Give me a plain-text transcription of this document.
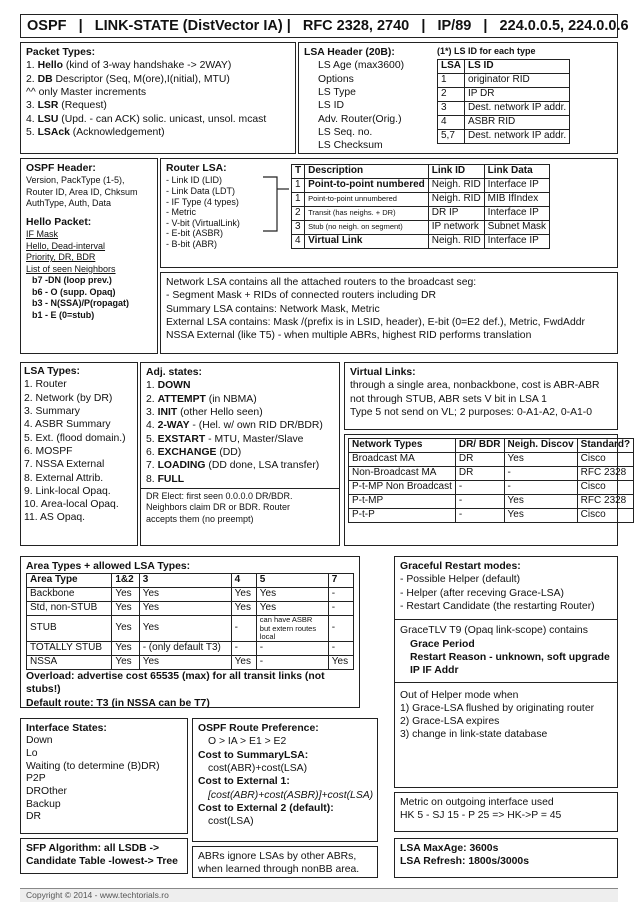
OSPF   |   LINK-STATE (DistVector IA) |   RFC 2328, 2740   |   IP/89   |   224.0.0.5, 224.0.0.6
Packet Types:
1. Hello (kind of 3-way handshake -> 2WAY)
2. DB Descriptor (Seq, M(ore),I(nitial), MTU)
^^ only Master increments
3. LSR (Request)
4. LSU (Upd. - can ACK) solic. unicast, unsol. mcast
5. LSAck (Acknowledgement)
LSA Header (20B):
LS Age (max3600)
Options
LS Type
LS ID
Adv. Router(Orig.)
LS Seq. no.
LS Checksum
(1*) LS ID for each type
LSA	LS ID
1	originator RID
2	IP DR
3	Dest. network IP addr.
4	ASBR RID
5,7	Dest. network IP addr.
OSPF Header:
Version, PackType (1-5),
Router ID, Area ID, Chksum
AuthType, Auth, Data
Hello Packet:
IF Mask
Hello, Dead-interval
Priority, DR, BDR
List of seen Neighbors
b7 -DN (loop prev.)
b6 - O (supp. Opaq)
b3 - N(SSA)/P(ropagat)
b1 - E (0=stub)
Router LSA:
- Link ID (LID)
- Link Data (LDT)
- IF Type (4 types)
- Metric
- V-bit (VirtualLink)
- E-bit (ASBR)
- B-bit (ABR)
T	Description	Link ID	Link Data
1	Point-to-point numbered	Neigh. RID	Interface IP
1	Point-to-point unnumbered	Neigh. RID	MIB IfIndex
2	Transit (has neighs. + DR)	DR IP	Interface IP
3	Stub (no neigh. on segment)	IP network	Subnet Mask
4	Virtual Link	Neigh. RID	Interface IP
Network LSA contains all the attached routers to the broadcast seg:
- Segment Mask + RIDs of connected routers including DR
Summary LSA contains: Network Mask, Metric
External LSA contains: Mask /(prefix is in LSID, header), E-bit (0=E2 def.), Metric, FwdAddr
NSSA External (like T5) - when multiple ABRs, highest RID performs translation
LSA Types:
1. Router
2. Network (by DR)
3. Summary
4. ASBR Summary
5. Ext. (flood domain.)
6. MOSPF
7. NSSA External
8. External Attrib.
9. Link-local Opaq.
10. Area-local Opaq.
11. AS Opaq.
Adj. states:
1. DOWN
2. ATTEMPT (in NBMA)
3. INIT (other Hello seen)
4. 2-WAY - (Hel. w/ own RID DR/BDR)
5. EXSTART - MTU, Master/Slave
6. EXCHANGE (DD)
7. LOADING (DD done, LSA transfer)
8. FULL
DR Elect: first seen 0.0.0.0 DR/BDR.
Neighbors claim DR or BDR. Router
accepts them (no preempt)
Virtual Links:
through a single area, nonbackbone, cost is ABR-ABR
not through STUB, ABR sets V bit in LSA 1
Type 5 not send on VL; 2 purposes: 0-A1-A2, 0-A1-0
Network Types	DR/ BDR	Neigh. Discov	Standard?
Broadcast MA	DR	Yes	Cisco
Non-Broadcast MA	DR	-	RFC 2328
P-t-MP Non Broadcast	-	-	Cisco
P-t-MP	-	Yes	RFC 2328
P-t-P	-	Yes	Cisco
Area Types + allowed LSA Types:
Area Type	1&2	3	4	5	7
Backbone	Yes	Yes	Yes	Yes	-
Std, non-STUB	Yes	Yes	Yes	Yes	-
STUB	Yes	Yes	-	can have ASBR but extern routes local	-
TOTALLY STUB	Yes	- (only default T3)	-	-	-
NSSA	Yes	Yes	Yes	-	Yes
Overload: advertise cost 65535 (max) for all transit links (not stubs!)
Default route: T3 (in NSSA can be T7)
Graceful Restart modes:
- Possible Helper (default)
- Helper (after receving Grace-LSA)
- Restart Candidate (the restarting Router)
GraceTLV T9 (Opaq link-scope) contains
Grace Period
Restart Reason - unknown, soft upgrade
IP IF Addr
Out of Helper mode when
1) Grace-LSA flushed by originating router
2) Grace-LSA expires
3) change in link-state database
Interface States:
Down
Lo
Waiting (to determine (B)DR)
P2P
DROther
Backup
DR
OSPF Route Preference:
O > IA > E1 > E2
Cost to SummaryLSA:
cost(ABR)+cost(LSA)
Cost to External 1:
[cost(ABR)+cost(ASBR)]+cost(LSA)
Cost to External 2 (default):
cost(LSA)
Metric on outgoing interface used
HK 5 - SJ 15 - P 25 => HK->P = 45
SFP Algorithm: all LSDB ->
Candidate Table -lowest-> Tree	ABRs ignore LSAs by other ABRs,
when learned through nonBB area.
LSA MaxAge: 3600s
LSA Refresh: 1800s/3000s
Copyright © 2014 - www.techtorials.ro
